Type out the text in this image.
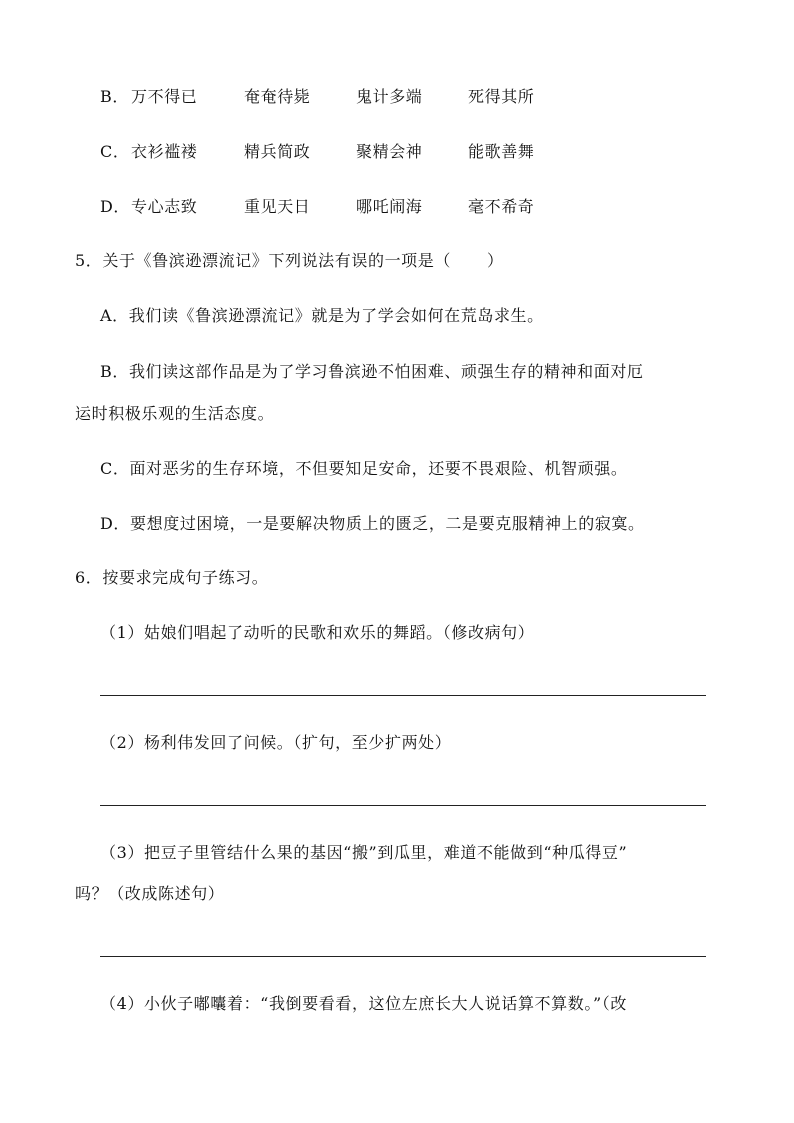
B． 万不得已	奄奄待毙	鬼计多端	死得其所
C． 衣衫褴褛	精兵简政	聚精会神	能歌善舞
D． 专心志致	重见天日	哪吒闹海	毫不希奇
5．关于《鲁滨逊漂流记》下列说法有误的一项是（ ）
A．我们读《鲁滨逊漂流记》就是为了学会如何在荒岛求生。
B．我们读这部作品是为了学习鲁滨逊不怕困难、顽强生存的精神和面对厄
运时积极乐观的生活态度。
C．面对恶劣的生存环境，不但要知足安命，还要不畏艰险、机智顽强。
D．要想度过困境，一是要解决物质上的匮乏，二是要克服精神上的寂寞。
6．按要求完成句子练习。
（1）姑娘们唱起了动听的民歌和欢乐的舞蹈。（修改病句）
（2）杨利伟发回了问候。（扩句，至少扩两处）
（3）把豆子里管结什么果的基因“搬”到瓜里，难道不能做到“种瓜得豆”
吗？（改成陈述句）
（4）小伙子嘟囔着：“我倒要看看，这位左庶长大人说话算不算数。”（改
